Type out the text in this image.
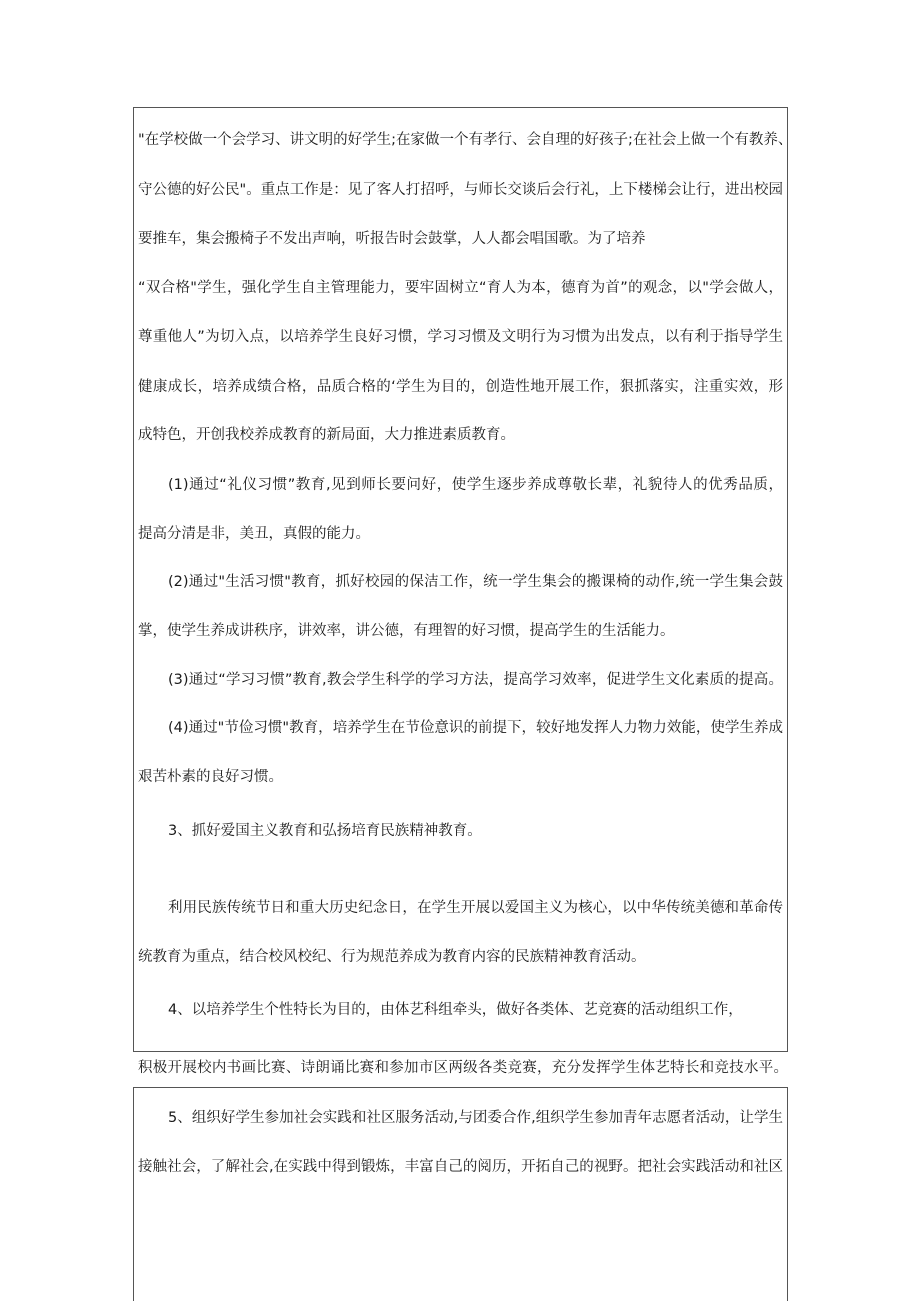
"在学校做一个会学习、讲文明的好学生;在家做一个有孝行、会自理的好孩子;在社会上做一个有教养、
守公德的好公民"。重点工作是：见了客人打招呼，与师长交谈后会行礼，上下楼梯会让行，进出校园
要推车，集会搬椅子不发出声响，听报告时会鼓掌，人人都会唱国歌。为了培养
“双合格"学生，强化学生自主管理能力，要牢固树立“育人为本，德育为首”的观念，以"学会做人，
尊重他人”为切入点，以培养学生良好习惯，学习习惯及文明行为习惯为出发点，以有利于指导学生
健康成长，培养成绩合格，品质合格的‘学生为目的，创造性地开展工作，狠抓落实，注重实效，形
成特色，开创我校养成教育的新局面，大力推进素质教育。
(1)通过“礼仪习惯”教育,见到师长要问好，使学生逐步养成尊敬长辈，礼貌待人的优秀品质，
提高分清是非，美丑，真假的能力。
(2)通过"生活习惯"教育，抓好校园的保洁工作，统一学生集会的搬课椅的动作,统一学生集会鼓
掌，使学生养成讲秩序，讲效率，讲公德，有理智的好习惯，提高学生的生活能力。
(3)通过“学习习惯”教育,教会学生科学的学习方法，提高学习效率，促进学生文化素质的提高。
(4)通过"节俭习惯"教育，培养学生在节俭意识的前提下，较好地发挥人力物力效能，使学生养成
艰苦朴素的良好习惯。
3、抓好爱国主义教育和弘扬培育民族精神教育。
利用民族传统节日和重大历史纪念日，在学生开展以爱国主义为核心，以中华传统美德和革命传
统教育为重点，结合校风校纪、行为规范养成为教育内容的民族精神教育活动。
4、以培养学生个性特长为目的，由体艺科组牵头，做好各类体、艺竞赛的活动组织工作，
积极开展校内书画比赛、诗朗诵比赛和参加市区两级各类竞赛，充分发挥学生体艺特长和竞技水平。
5、组织好学生参加社会实践和社区服务活动,与团委合作,组织学生参加青年志愿者活动，让学生
接触社会，了解社会,在实践中得到锻炼，丰富自己的阅历，开拓自己的视野。把社会实践活动和社区
